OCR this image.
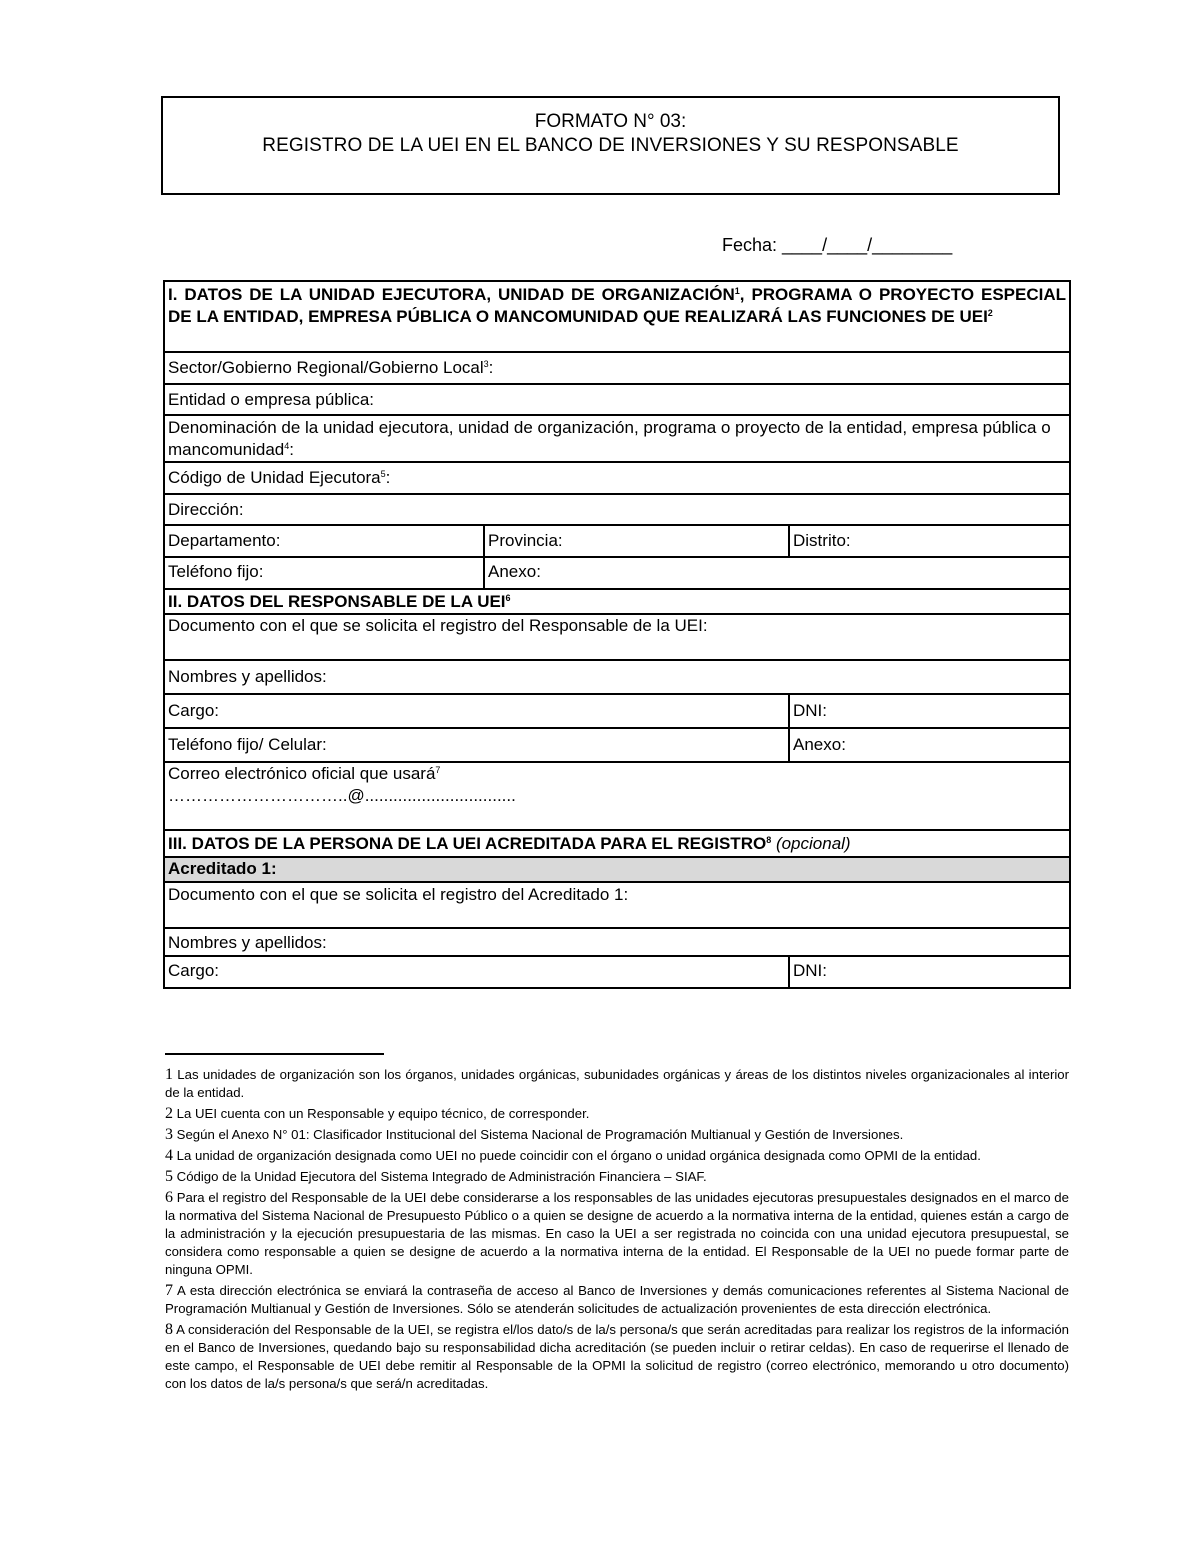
FORMATO N° 03:
REGISTRO DE LA UEI EN EL BANCO DE INVERSIONES Y SU RESPONSABLE
Fecha: ____/____/________
I. DATOS DE LA UNIDAD EJECUTORA, UNIDAD DE ORGANIZACIÓN$^1$, PROGRAMA O PROYECTO ESPECIAL DE LA ENTIDAD, EMPRESA PÚBLICA O MANCOMUNIDAD QUE REALIZARÁ LAS FUNCIONES DE UEI$^2$
Sector/Gobierno Regional/Gobierno Local$^3$:		
Entidad o empresa pública:		
Denominación de la unidad ejecutora, unidad de organización, programa o proyecto de la entidad, empresa pública o mancomunidad$^4$:		
Código de Unidad Ejecutora$^5$:		
Dirección:		
Departamento:	Provincia:	Distrito:
Teléfono fijo:	Anexo:	
II. DATOS DEL RESPONSABLE DE LA UEI$^6$
Documento con el que se solicita el registro del Responsable de la UEI:		
Nombres y apellidos:		
Cargo:		DNI:
Teléfono fijo/ Celular:		Anexo:
Correo electrónico oficial que usará$^7$
…………………………..@................................		
III. DATOS DE LA PERSONA DE LA UEI ACREDITADA PARA EL REGISTRO$^8$ (opcional)		
Acreditado 1:		
Documento con el que se solicita el registro del Acreditado 1:		
Nombres y apellidos:		
Cargo:		DNI:

1 Las unidades de organización son los órganos, unidades orgánicas, subunidades orgánicas y áreas de los distintos niveles organizacionales al interior de la entidad.

2 La UEI cuenta con un Responsable y equipo técnico, de corresponder.

3 Según el Anexo N° 01: Clasificador Institucional del Sistema Nacional de Programación Multianual y Gestión de Inversiones.

4 La unidad de organización designada como UEI no puede coincidir con el órgano o unidad orgánica designada como OPMI de la entidad.

5 Código de la Unidad Ejecutora del Sistema Integrado de Administración Financiera – SIAF.

6 Para el registro del Responsable de la UEI debe considerarse a los responsables de las unidades ejecutoras presupuestales designados en el marco de la normativa del Sistema Nacional de Presupuesto Público o a quien se designe de acuerdo a la normativa interna de la entidad, quienes están a cargo de la administración y la ejecución presupuestaria de las mismas. En caso la UEI a ser registrada no coincida con una unidad ejecutora presupuestal, se considera como responsable a quien se designe de acuerdo a la normativa interna de la entidad. El Responsable de la UEI no puede formar parte de ninguna OPMI.

7 A esta dirección electrónica se enviará la contraseña de acceso al Banco de Inversiones y demás comunicaciones referentes al Sistema Nacional de Programación Multianual y Gestión de Inversiones. Sólo se atenderán solicitudes de actualización provenientes de esta dirección electrónica.

8 A consideración del Responsable de la UEI, se registra el/los dato/s de la/s persona/s que serán acreditadas para realizar los registros de la información en el Banco de Inversiones, quedando bajo su responsabilidad dicha acreditación (se pueden incluir o retirar celdas). En caso de requerirse el llenado de este campo, el Responsable de UEI debe remitir al Responsable de la OPMI la solicitud de registro (correo electrónico, memorando u otro documento) con los datos de la/s persona/s que será/n acreditadas.
